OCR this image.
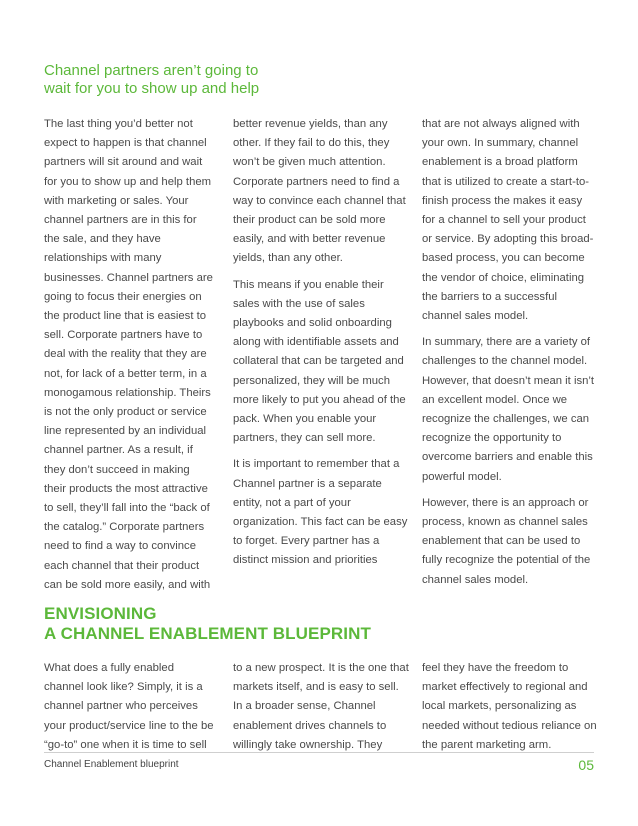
Channel partners aren’t going to
wait for you to show up and help

The last thing you’d better not expect to happen is that channel partners will sit around and wait for you to show up and help them with marketing or sales. Your channel partners are in this for the sale, and they have relationships with many businesses. Channel partners are going to focus their energies on the product line that is easiest to sell. Corporate partners have to deal with the reality that they are not, for lack of a better term, in a monogamous relationship. Theirs is not the only product or service line represented by an individual channel partner. As a result, if they don’t succeed in making their products the most attractive to sell, they’ll fall into the “back of the catalog.” Corporate partners need to find a way to convince each channel that their product can be sold more easily, and with

better revenue yields, than any other. If they fail to do this, they won’t be given much attention. Corporate partners need to find a way to convince each channel that their product can be sold more easily, and with better revenue yields, than any other.

This means if you enable their sales with the use of sales playbooks and solid onboarding along with identifiable assets and collateral that can be targeted and personalized, they will be much more likely to put you ahead of the pack. When you enable your partners, they can sell more.

It is important to remember that a Channel partner is a separate entity, not a part of your organization. This fact can be easy to forget. Every partner has a distinct mission and priorities

that are not always aligned with your own. In summary, channel enablement is a broad platform that is utilized to create a start-to-finish process the makes it easy for a channel to sell your product or service. By adopting this broad-based process, you can become the vendor of choice, eliminating the barriers to a successful channel sales model.

In summary, there are a variety of challenges to the channel model. However, that doesn’t mean it isn’t an excellent model. Once we recognize the challenges, we can recognize the opportunity to overcome barriers and enable this powerful model.

However, there is an approach or process, known as channel sales enablement that can be used to fully recognize the potential of the channel sales model.

ENVISIONING
A CHANNEL ENABLEMENT BLUEPRINT

What does a fully enabled channel look like? Simply, it is a channel partner who perceives your product/service line to the be “go-to” one when it is time to sell

to a new prospect. It is the one that markets itself, and is easy to sell. In a broader sense, Channel enablement drives channels to willingly take ownership. They

feel they have the freedom to market effectively to regional and local markets, personalizing as needed without tedious reliance on the parent marketing arm.

Channel Enablement blueprint	05
